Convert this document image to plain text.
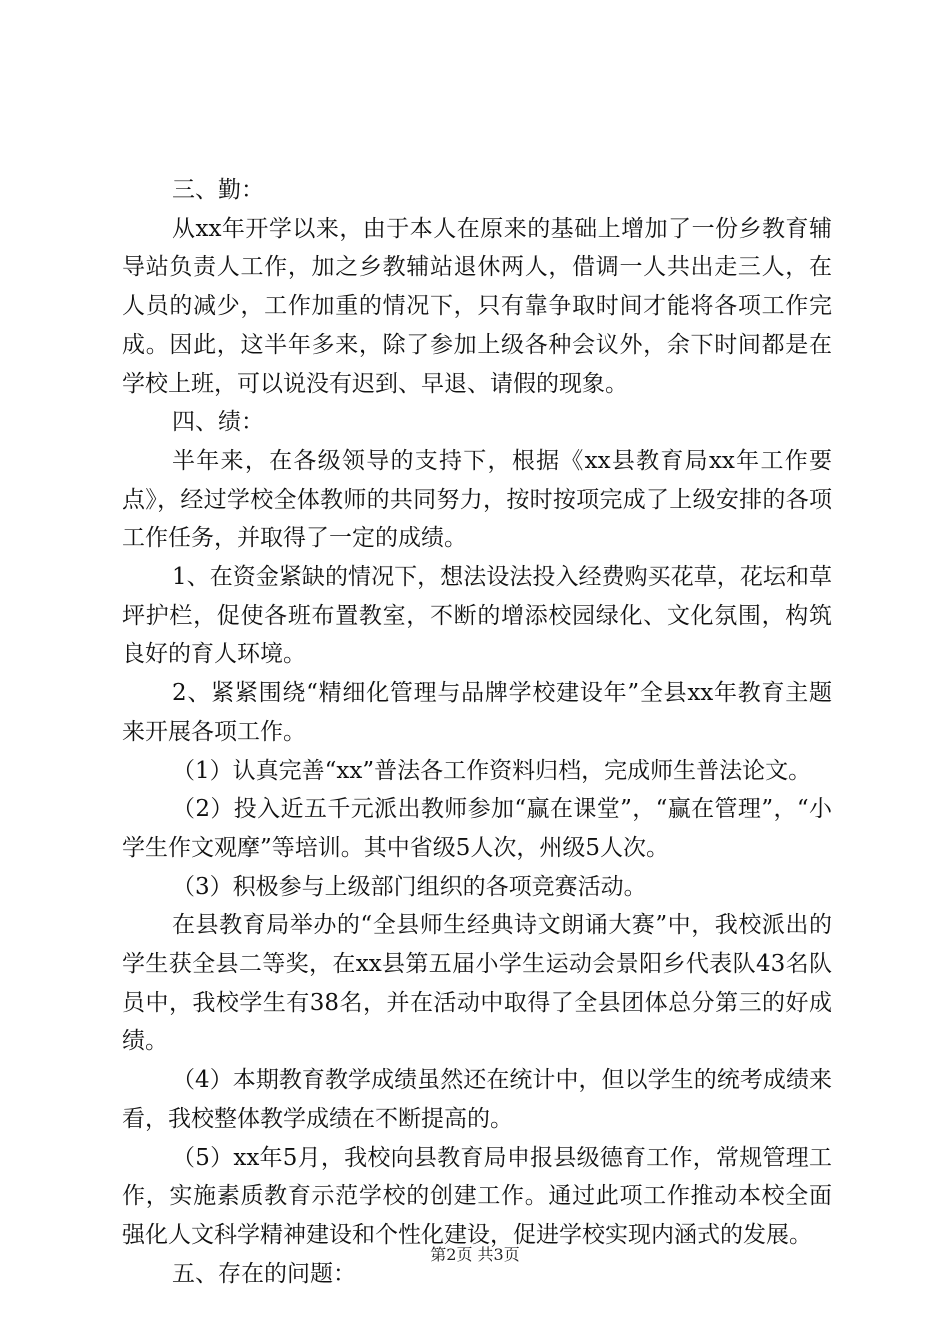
三、勤：

从xx年开学以来，由于本人在原来的基础上增加了一份乡教育辅导站负责人工作，加之乡教辅站退休两人，借调一人共出走三人，在人员的减少，工作加重的情况下，只有靠争取时间才能将各项工作完成。因此，这半年多来，除了参加上级各种会议外，余下时间都是在学校上班，可以说没有迟到、早退、请假的现象。

四、绩：

半年来，在各级领导的支持下，根据《xx县教育局xx年工作要点》，经过学校全体教师的共同努力，按时按项完成了上级安排的各项工作任务，并取得了一定的成绩。

1、在资金紧缺的情况下，想法设法投入经费购买花草，花坛和草坪护栏，促使各班布置教室，不断的增添校园绿化、文化氛围，构筑良好的育人环境。

2、紧紧围绕“精细化管理与品牌学校建设年”全县xx年教育主题来开展各项工作。

（1）认真完善“xx”普法各工作资料归档，完成师生普法论文。

（2）投入近五千元派出教师参加“赢在课堂”，“赢在管理”，“小学生作文观摩”等培训。其中省级5人次，州级5人次。

（3）积极参与上级部门组织的各项竞赛活动。

在县教育局举办的“全县师生经典诗文朗诵大赛”中，我校派出的学生获全县二等奖，在xx县第五届小学生运动会景阳乡代表队43名队员中，我校学生有38名，并在活动中取得了全县团体总分第三的好成绩。

（4）本期教育教学成绩虽然还在统计中，但以学生的统考成绩来看，我校整体教学成绩在不断提高的。

（5）xx年5月，我校向县教育局申报县级德育工作，常规管理工作，实施素质教育示范学校的创建工作。通过此项工作推动本校全面强化人文科学精神建设和个性化建设，促进学校实现内涵式的发展。

五、存在的问题：

第2页 共3页
